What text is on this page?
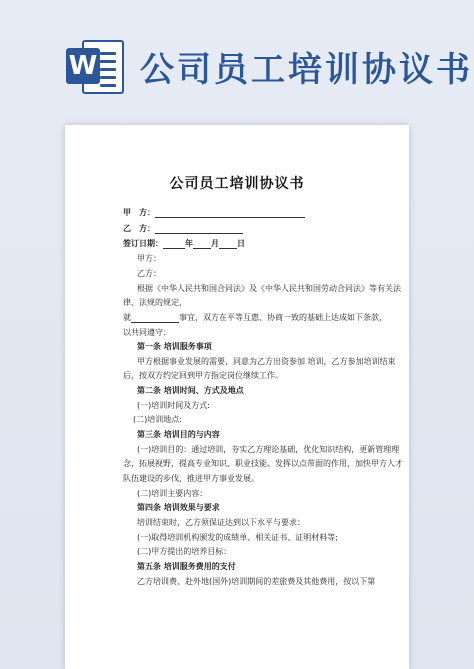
W 公司员工培训协议书
公司员工培训协议书
甲　方：
乙　方：
签订日期：	年 月 日
甲方：
乙方：
根据《中华人民共和国合同法》及《中华人民共和国劳动合同法》等有关法
律、法规的规定，
就	事宜，双方在平等互惠、协商一致的基础上达成如下条款，
以共同遵守：
第一条 培训服务事项
甲方根据事业发展的需要，同意为乙方出资参加 培训，乙方参加培训结束
后，按双方约定回到甲方指定岗位继续工作。
第二条 培训时间、方式及地点
(一)培训时间及方式:
(二)培训地点:
第三条 培训目的与内容
(一)培训目的：通过培训，夯实乙方理论基础，优化知识结构，更新管理理
念，拓展视野，提高专业知识、职业技能。发挥以点带面的作用，加快甲方人才
队伍建设的步伐，推进甲方事业发展。
(二)培训主要内容：
第四条 培训效果与要求
培训结束时，乙方须保证达到以下水平与要求：
(一)取得培训机构颁发的成绩单、相关证书、证明材料等;
(二)甲方提出的培养目标：
第五条 培训服务费用的支付
乙方培训费、赴外地(国外)培训期间的差旅费及其他费用，按以下第
